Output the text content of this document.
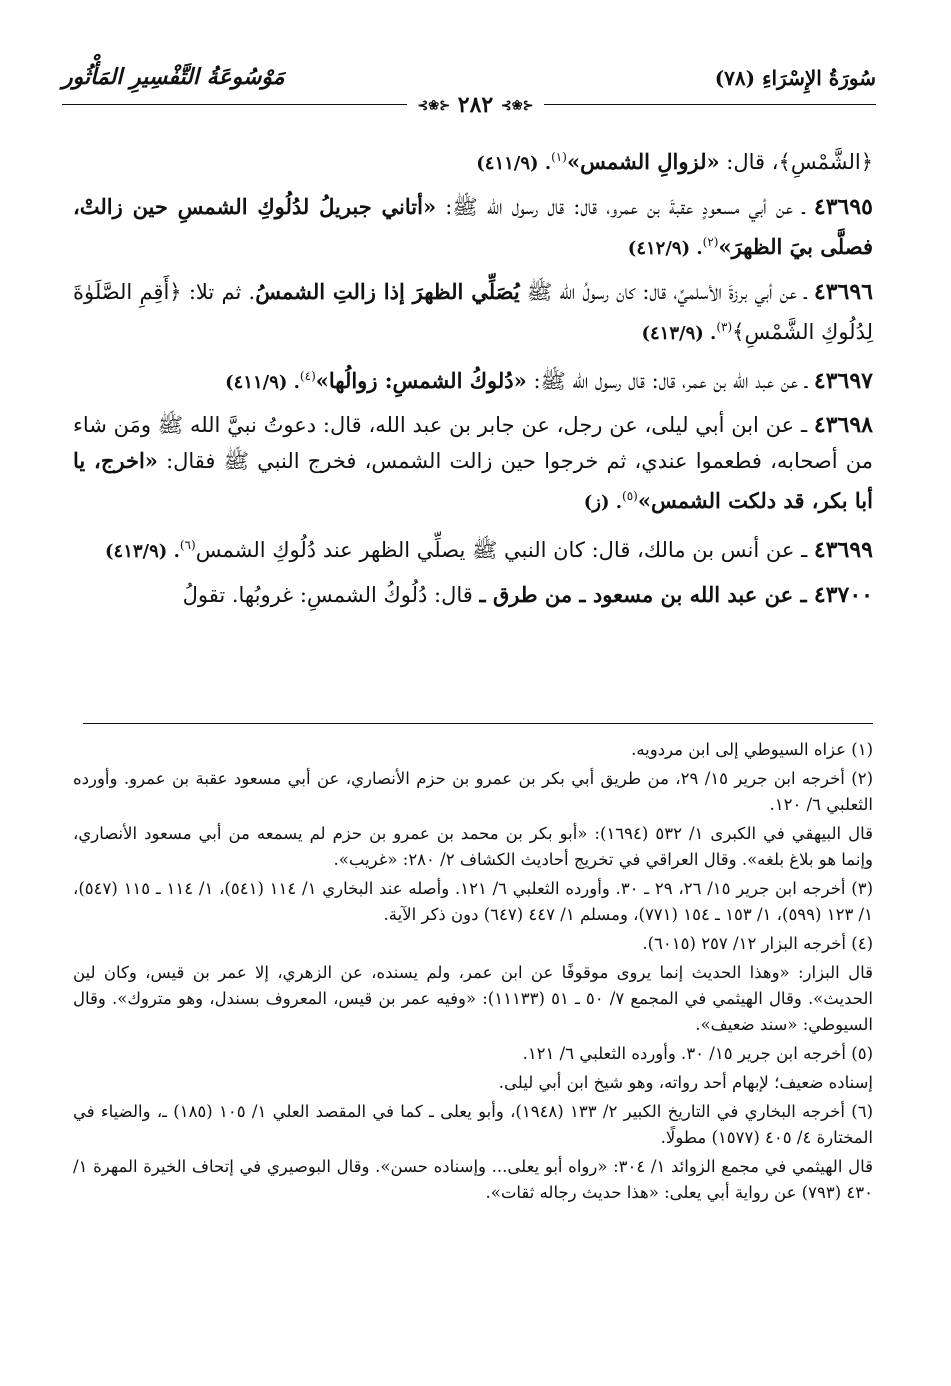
سُورَةُ الإِسْرَاءِ (٧٨)
مَوْسُوعَةُ التَّفْسِيرِ المَأْثُور
⊰❀⊱ ٢٨٢ ⊰❀⊱

﴿الشَّمْسِ﴾، قال: «لزوالِ الشمس»$^{(١)}$. (٤١١/٩)

٤٣٦٩٥ ـ عن أبي مسعودٍ عقبةَ بن عمرو، قال: قال رسول الله ﷺ: «أتاني جبريلُ لدُلُوكِ الشمسِ حين زالتْ، فصلَّى بيَ الظهرَ»$^{(٢)}$. (٤١٢/٩)

٤٣٦٩٦ ـ عن أبي برزةَ الأسلميِّ، قال: كان رسولُ الله ﷺ يُصَلِّي الظهرَ إذا زالتِ الشمسُ. ثم تلا: ﴿أَقِمِ الصَّلَوٰةَ لِدُلُوكِ الشَّمْسِ﴾$^{(٣)}$. (٤١٣/٩)

٤٣٦٩٧ ـ عن عبد الله بن عمر، قال: قال رسول الله ﷺ: «دُلوكُ الشمسِ: زوالُها»$^{(٤)}$. (٤١١/٩)

٤٣٦٩٨ ـ عن ابن أبي ليلى، عن رجل، عن جابر بن عبد الله، قال: دعوتُ نبيَّ الله ﷺ ومَن شاء من أصحابه، فطعموا عندي، ثم خرجوا حين زالت الشمس، فخرج النبي ﷺ فقال: «اخرج، يا أبا بكر، قد دلكت الشمس»$^{(٥)}$. (ز)

٤٣٦٩٩ ـ عن أنس بن مالك، قال: كان النبي ﷺ يصلِّي الظهر عند دُلُوكِ الشمس$^{(٦)}$. (٤١٣/٩)

٤٣٧٠٠ ـ عن عبد الله بن مسعود ـ من طرق ـ قال: دُلُوكُ الشمسِ: غروبُها. تقولُ

(١) عزاه السيوطي إلى ابن مردويه.

(٢) أخرجه ابن جرير ١٥/ ٢٩، من طريق أبي بكر بن عمرو بن حزم الأنصاري، عن أبي مسعود عقبة بن عمرو. وأورده الثعلبي ٦/ ١٢٠.

قال البيهقي في الكبرى ١/ ٥٣٢ (١٦٩٤): «أبو بكر بن محمد بن عمرو بن حزم لم يسمعه من أبي مسعود الأنصاري، وإنما هو بلاغ بلغه». وقال العراقي في تخريج أحاديث الكشاف ٢/ ٢٨٠: «غريب».

(٣) أخرجه ابن جرير ١٥/ ٢٦، ٢٩ ـ ٣٠. وأورده الثعلبي ٦/ ١٢١. وأصله عند البخاري ١/ ١١٤ (٥٤١)، ١/ ١١٤ ـ ١١٥ (٥٤٧)، ١/ ١٢٣ (٥٩٩)، ١/ ١٥٣ ـ ١٥٤ (٧٧١)، ومسلم ١/ ٤٤٧ (٦٤٧) دون ذكر الآية.

(٤) أخرجه البزار ١٢/ ٢٥٧ (٦٠١٥).

قال البزار: «وهذا الحديث إنما يروى موقوفًا عن ابن عمر، ولم يسنده، عن الزهري، إلا عمر بن قيس، وكان لين الحديث». وقال الهيثمي في المجمع ٧/ ٥٠ ـ ٥١ (١١١٣٣): «وفيه عمر بن قيس، المعروف بسندل، وهو متروك». وقال السيوطي: «سند ضعيف».

(٥) أخرجه ابن جرير ١٥/ ٣٠. وأورده الثعلبي ٦/ ١٢١.

إسناده ضعيف؛ لإبهام أحد رواته، وهو شيخ ابن أبي ليلى.

(٦) أخرجه البخاري في التاريخ الكبير ٢/ ١٣٣ (١٩٤٨)، وأبو يعلى ـ كما في المقصد العلي ١/ ١٠٥ (١٨٥) ـ، والضياء في المختارة ٤/ ٤٠٥ (١٥٧٧) مطولًا.

قال الهيثمي في مجمع الزوائد ١/ ٣٠٤: «رواه أبو يعلى... وإسناده حسن». وقال البوصيري في إتحاف الخيرة المهرة ١/ ٤٣٠ (٧٩٣) عن رواية أبي يعلى: «هذا حديث رجاله ثقات».
